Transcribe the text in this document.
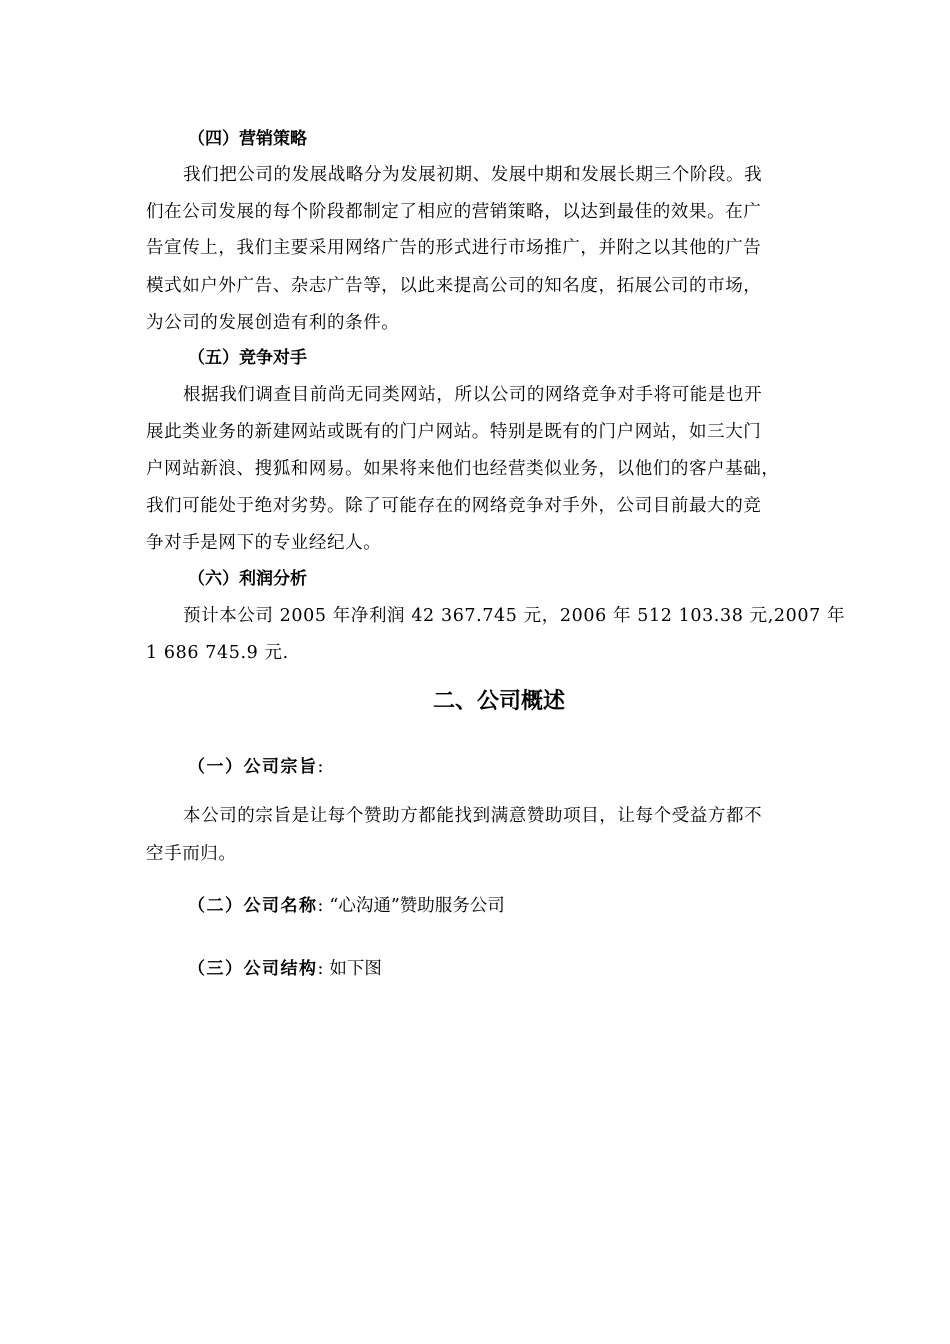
（四）营销策略
我们把公司的发展战略分为发展初期、发展中期和发展长期三个阶段。我
们在公司发展的每个阶段都制定了相应的营销策略，以达到最佳的效果。在广
告宣传上，我们主要采用网络广告的形式进行市场推广，并附之以其他的广告
模式如户外广告、杂志广告等，以此来提高公司的知名度，拓展公司的市场，
为公司的发展创造有利的条件。
（五）竞争对手
根据我们调查目前尚无同类网站，所以公司的网络竞争对手将可能是也开
展此类业务的新建网站或既有的门户网站。特别是既有的门户网站，如三大门
户网站新浪、搜狐和网易。如果将来他们也经营类似业务，以他们的客户基础，
我们可能处于绝对劣势。除了可能存在的网络竞争对手外，公司目前最大的竞
争对手是网下的专业经纪人。
（六）利润分析
预计本公司 2005 年净利润 42 367.745 元，2006 年 512 103.38 元,2007 年
1 686 745.9 元.
二、公司概述
（一）公司宗旨:
本公司的宗旨是让每个赞助方都能找到满意赞助项目，让每个受益方都不
空手而归。
（二）公司名称: “心沟通”赞助服务公司
（三）公司结构: 如下图
